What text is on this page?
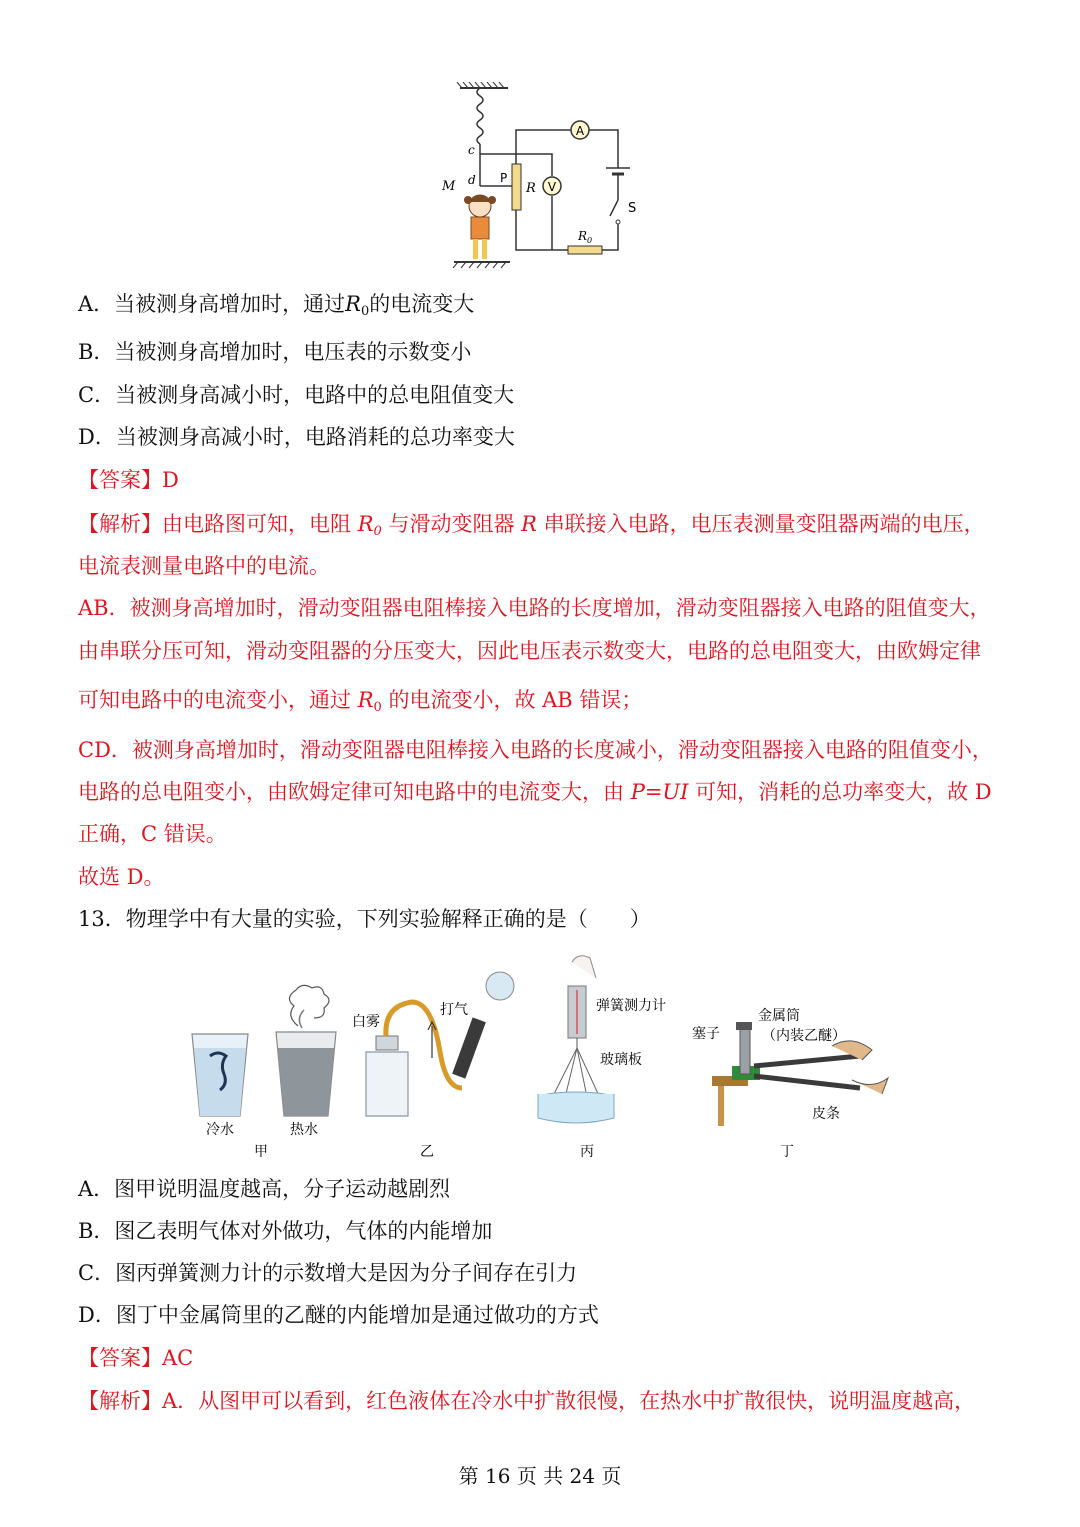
A
S
$R_0$
P
R V
c
d
M
A．当被测身高增加时，通过$R_0$的电流变大
B．当被测身高增加时，电压表的示数变小
C．当被测身高减小时，电路中的总电阻值变大
D．当被测身高减小时，电路消耗的总功率变大
【答案】D
【解析】由电路图可知，电阻 $R_0$ 与滑动变阻器 R 串联接入电路，电压表测量变阻器两端的电压，
电流表测量电路中的电流。
AB．被测身高增加时，滑动变阻器电阻棒接入电路的长度增加，滑动变阻器接入电路的阻值变大，
由串联分压可知，滑动变阻器的分压变大，因此电压表示数变大，电路的总电阻变大，由欧姆定律
可知电路中的电流变小，通过 $R_0$ 的电流变小，故 AB 错误；
CD．被测身高增加时，滑动变阻器电阻棒接入电路的长度减小，滑动变阻器接入电路的阻值变小，
电路的总电阻变小，由欧姆定律可知电路中的电流变大，由 P=UI 可知，消耗的总功率变大，故 D
正确，C 错误。
故选 D。
13．物理学中有大量的实验，下列实验解释正确的是（　　）
冷水	热水
甲
白雾
打气
乙
弹簧测力计
玻璃板
丙
金属筒
（内装乙醚）
塞子
皮条
丁
A．图甲说明温度越高，分子运动越剧烈
B．图乙表明气体对外做功，气体的内能增加
C．图丙弹簧测力计的示数增大是因为分子间存在引力
D．图丁中金属筒里的乙醚的内能增加是通过做功的方式
【答案】AC
【解析】A．从图甲可以看到，红色液体在冷水中扩散很慢，在热水中扩散很快，说明温度越高，
第 16 页 共 24 页
